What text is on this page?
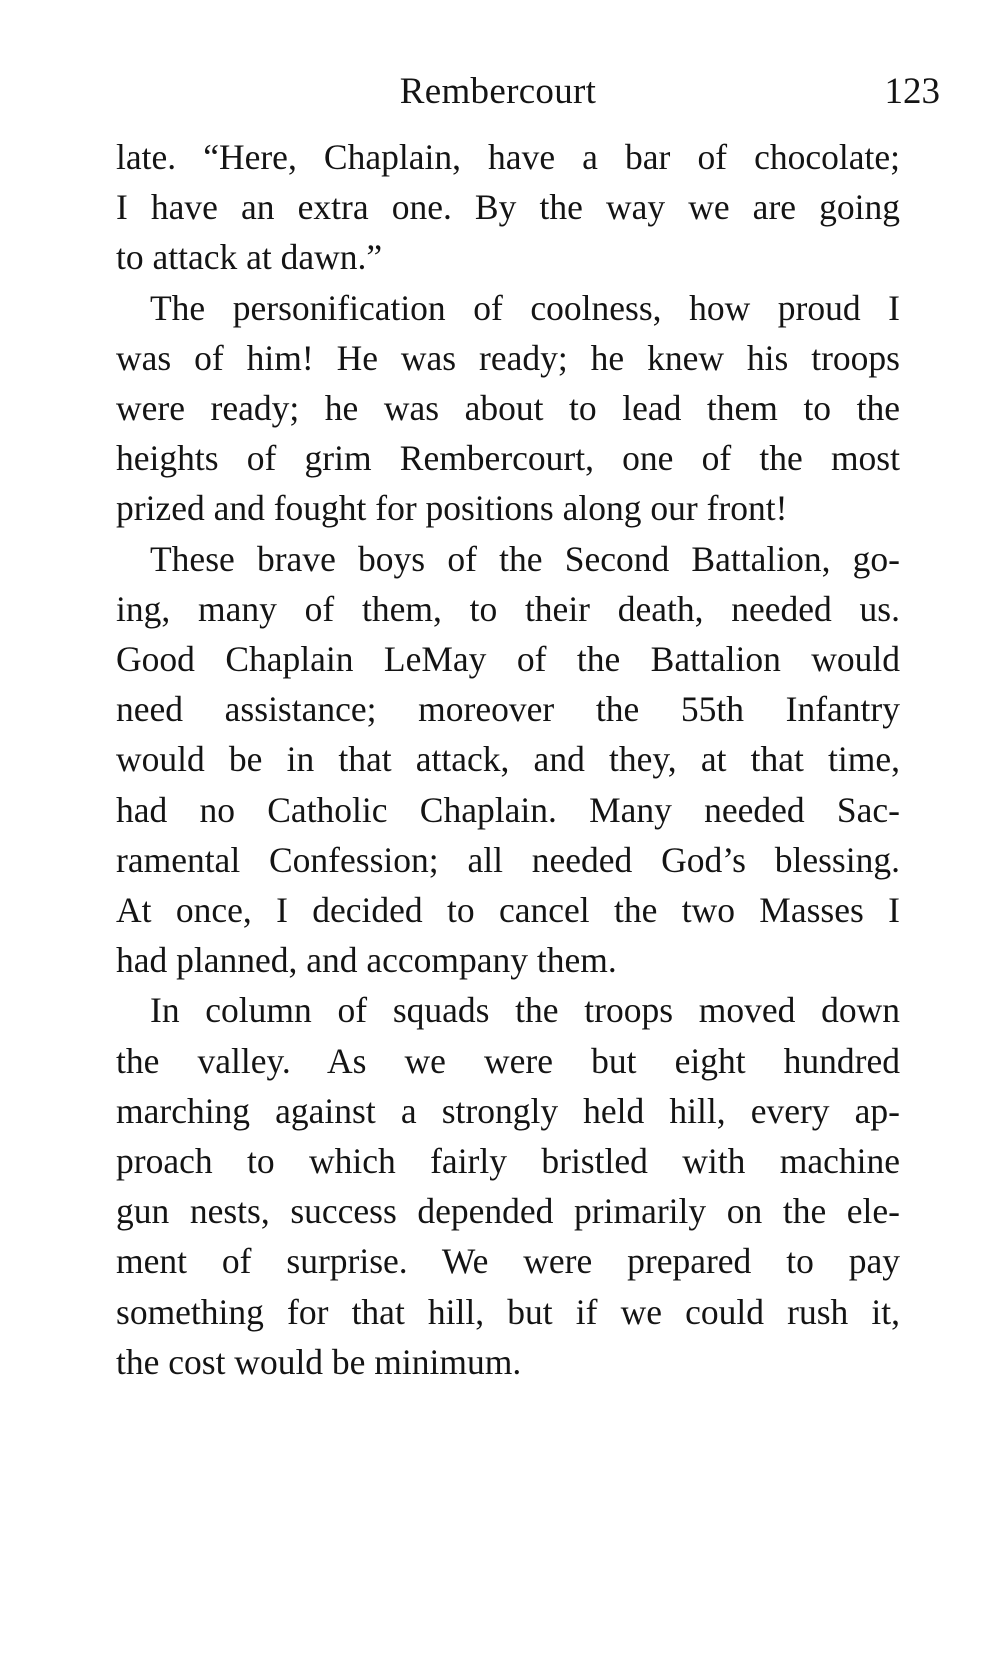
Rembercourt	123
late. “Here, Chaplain, have a bar of chocolate;
I have an extra one. By the way we are going
to attack at dawn.”
The personification of coolness, how proud I
was of him! He was ready; he knew his troops
were ready; he was about to lead them to the
heights of grim Rembercourt, one of the most
prized and fought for positions along our front!
These brave boys of the Second Battalion, go-
ing, many of them, to their death, needed us.
Good Chaplain LeMay of the Battalion would
need assistance; moreover the 55th Infantry
would be in that attack, and they, at that time,
had no Catholic Chaplain. Many needed Sac-
ramental Confession; all needed God’s blessing.
At once, I decided to cancel the two Masses I
had planned, and accompany them.
In column of squads the troops moved down
the valley. As we were but eight hundred
marching against a strongly held hill, every ap-
proach to which fairly bristled with machine
gun nests, success depended primarily on the ele-
ment of surprise. We were prepared to pay
something for that hill, but if we could rush it,
the cost would be minimum.
